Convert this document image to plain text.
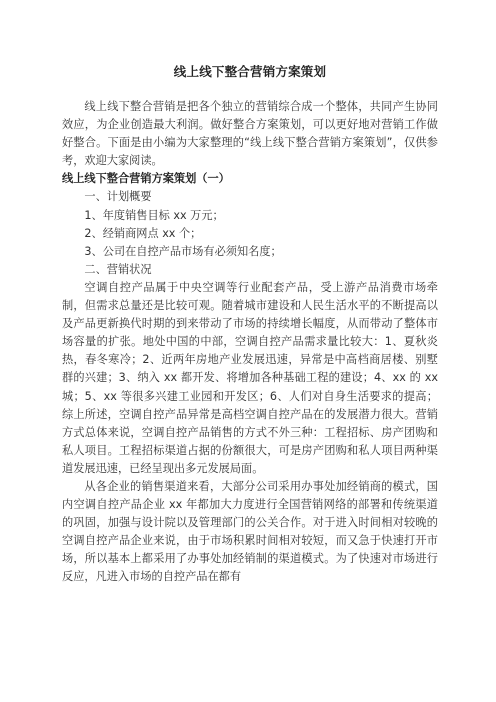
线上线下整合营销方案策划

线上线下整合营销是把各个独立的营销综合成一个整体，共同产生协同效应，为企业创造最大利润。做好整合方案策划，可以更好地对营销工作做好整合。下面是由小编为大家整理的“线上线下整合营销方案策划”，仅供参考，欢迎大家阅读。

线上线下整合营销方案策划（一）

一、计划概要

1、年度销售目标 xx 万元；

2、经销商网点 xx 个；

3、公司在自控产品市场有必须知名度；

二、营销状况

空调自控产品属于中央空调等行业配套产品，受上游产品消费市场牵制，但需求总量还是比较可观。随着城市建设和人民生活水平的不断提高以及产品更新换代时期的到来带动了市场的持续增长幅度，从而带动了整体市场容量的扩张。地处中国的中部，空调自控产品需求量比较大：1、夏秋炎热，春冬寒冷；2、近两年房地产业发展迅速，异常是中高档商居楼、别墅群的兴建；3、纳入 xx 都开发、将增加各种基础工程的建设；4、xx 的 xx 城；5、xx 等很多兴建工业园和开发区；6、人们对自身生活要求的提高；综上所述，空调自控产品异常是高档空调自控产品在的发展潜力很大。营销方式总体来说，空调自控产品销售的方式不外三种：工程招标、房产团购和私人项目。工程招标渠道占据的份额很大，可是房产团购和私人项目两种渠道发展迅速，已经呈现出多元发展局面。

从各企业的销售渠道来看，大部分公司采用办事处加经销商的模式，国内空调自控产品企业 xx 年都加大力度进行全国营销网络的部署和传统渠道的巩固，加强与设计院以及管理部门的公关合作。对于进入时间相对较晚的空调自控产品企业来说，由于市场积累时间相对较短，而又急于快速打开市场，所以基本上都采用了办事处加经销制的渠道模式。为了快速对市场进行反应，凡进入市场的自控产品在都有
